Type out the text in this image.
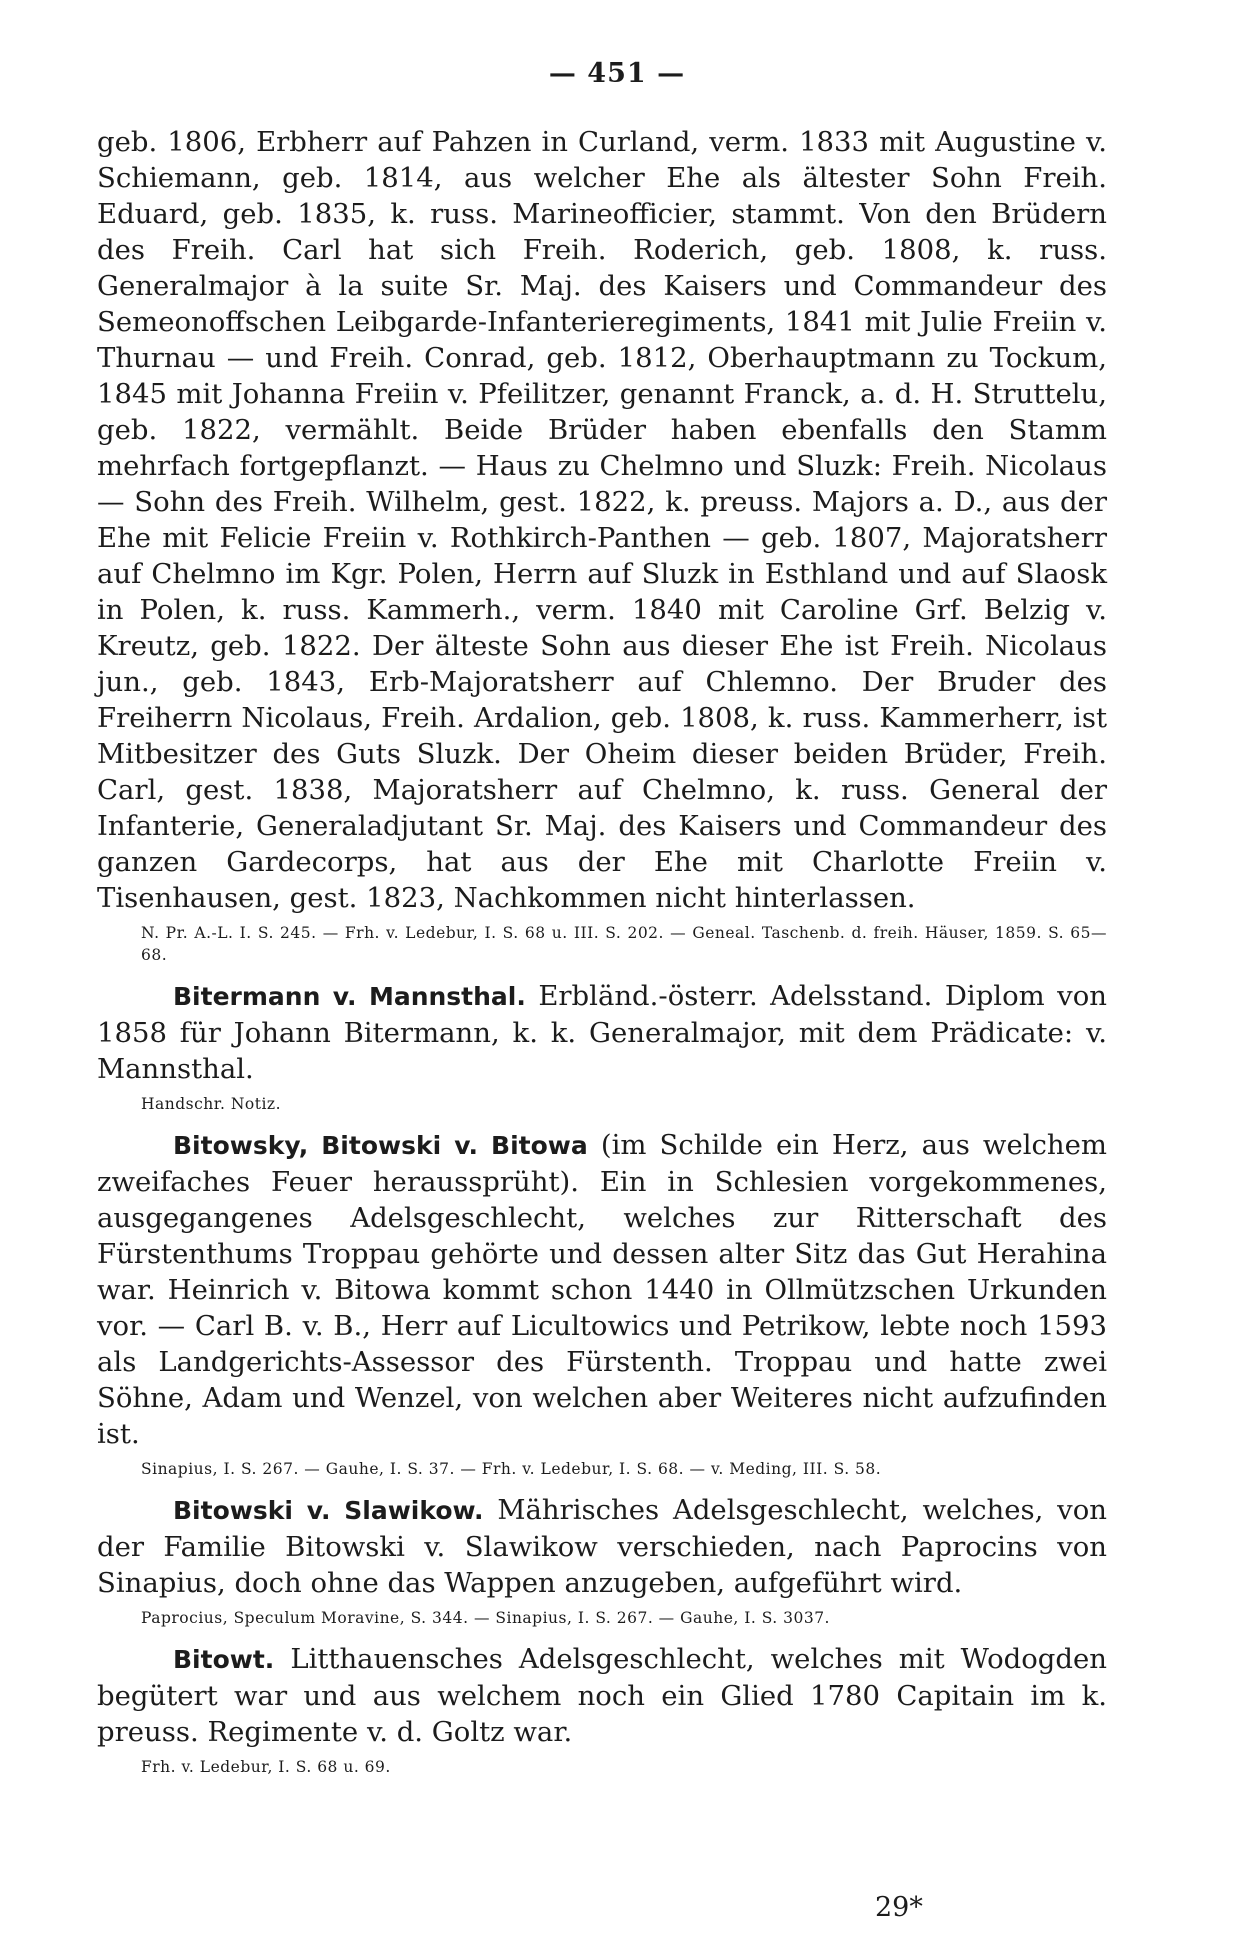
— 451 —

geb. 1806, Erbherr auf Pahzen in Curland, verm. 1833 mit Augustine v. Schiemann, geb. 1814, aus welcher Ehe als ältester Sohn Freih. Eduard, geb. 1835, k. russ. Marineofficier, stammt. Von den Brüdern des Freih. Carl hat sich Freih. Roderich, geb. 1808, k. russ. Generalmajor à la suite Sr. Maj. des Kaisers und Commandeur des Semeonoffschen Leibgarde-Infanterieregiments, 1841 mit Julie Freiin v. Thurnau — und Freih. Conrad, geb. 1812, Oberhauptmann zu Tockum, 1845 mit Johanna Freiin v. Pfeilitzer, genannt Franck, a. d. H. Struttelu, geb. 1822, vermählt. Beide Brüder haben ebenfalls den Stamm mehrfach fortgepflanzt. — Haus zu Chelmno und Sluzk: Freih. Nicolaus — Sohn des Freih. Wilhelm, gest. 1822, k. preuss. Majors a. D., aus der Ehe mit Felicie Freiin v. Rothkirch-Panthen — geb. 1807, Majoratsherr auf Chelmno im Kgr. Polen, Herrn auf Sluzk in Esthland und auf Slaosk in Polen, k. russ. Kammerh., verm. 1840 mit Caroline Grf. Belzig v. Kreutz, geb. 1822. Der älteste Sohn aus dieser Ehe ist Freih. Nicolaus jun., geb. 1843, Erb-Majoratsherr auf Chlemno. Der Bruder des Freiherrn Nicolaus, Freih. Ardalion, geb. 1808, k. russ. Kammerherr, ist Mitbesitzer des Guts Sluzk. Der Oheim dieser beiden Brüder, Freih. Carl, gest. 1838, Majoratsherr auf Chelmno, k. russ. General der Infanterie, Generaladjutant Sr. Maj. des Kaisers und Commandeur des ganzen Gardecorps, hat aus der Ehe mit Charlotte Freiin v. Tisenhausen, gest. 1823, Nachkommen nicht hinterlassen.

N. Pr. A.-L. I. S. 245. — Frh. v. Ledebur, I. S. 68 u. III. S. 202. — Geneal. Taschenb. d. freih. Häuser, 1859. S. 65—68.

Bitermann v. Mannsthal. Erbländ.-österr. Adelsstand. Diplom von 1858 für Johann Bitermann, k. k. Generalmajor, mit dem Prädicate: v. Mannsthal.

Handschr. Notiz.

Bitowsky, Bitowski v. Bitowa (im Schilde ein Herz, aus welchem zweifaches Feuer heraussprüht). Ein in Schlesien vorgekommenes, ausgegangenes Adelsgeschlecht, welches zur Ritterschaft des Fürstenthums Troppau gehörte und dessen alter Sitz das Gut Herahina war. Heinrich v. Bitowa kommt schon 1440 in Ollmützschen Urkunden vor. — Carl B. v. B., Herr auf Licultowics und Petrikow, lebte noch 1593 als Landgerichts-Assessor des Fürstenth. Troppau und hatte zwei Söhne, Adam und Wenzel, von welchen aber Weiteres nicht aufzufinden ist.

Sinapius, I. S. 267. — Gauhe, I. S. 37. — Frh. v. Ledebur, I. S. 68. — v. Meding, III. S. 58.

Bitowski v. Slawikow. Mährisches Adelsgeschlecht, welches, von der Familie Bitowski v. Slawikow verschieden, nach Paprocins von Sinapius, doch ohne das Wappen anzugeben, aufgeführt wird.

Paprocius, Speculum Moravine, S. 344. — Sinapius, I. S. 267. — Gauhe, I. S. 3037.

Bitowt. Litthauensches Adelsgeschlecht, welches mit Wodogden begütert war und aus welchem noch ein Glied 1780 Capitain im k. preuss. Regimente v. d. Goltz war.

Frh. v. Ledebur, I. S. 68 u. 69.

29*
